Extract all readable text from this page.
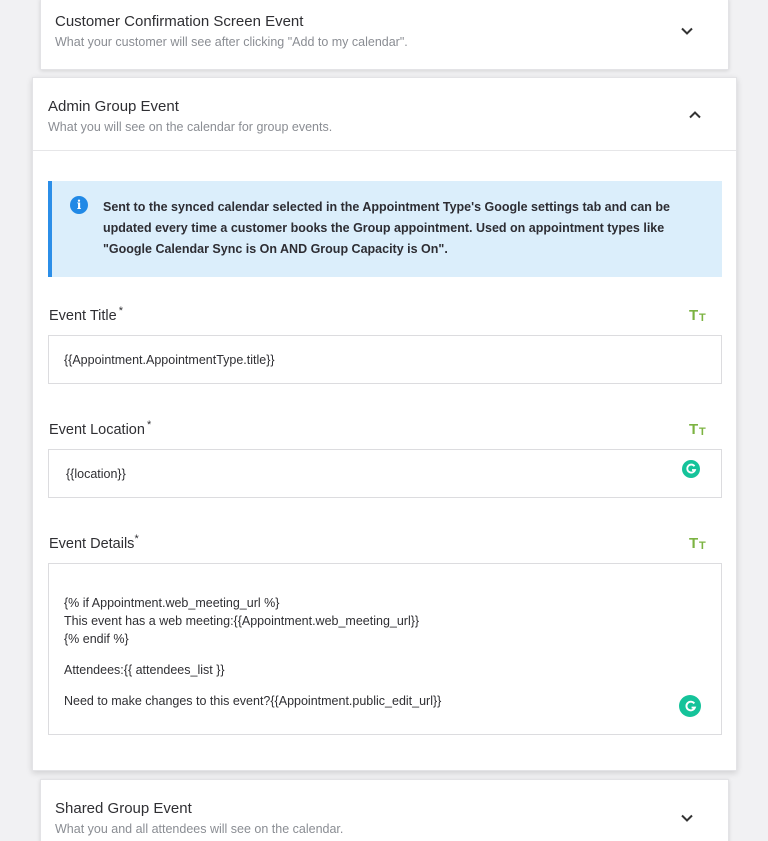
Customer Confirmation Screen Event
What your customer will see after clicking "Add to my calendar".
Admin Group Event
What you will see on the calendar for group events.
i	Sent to the synced calendar selected in the Appointment Type's Google settings tab and can be updated every time a customer books the Group appointment. Used on appointment types like "Google Calendar Sync is On AND Group Capacity is On".
Event Title *	T T
{{Appointment.AppointmentType.title}}
Event Location *	T T
{{location}}
Event Details*	T T
{% if Appointment.web_meeting_url %}
This event has a web meeting:{{Appointment.web_meeting_url}}
{% endif %}
Attendees:{{ attendees_list }}
Need to make changes to this event?{{Appointment.public_edit_url}}
Shared Group Event
What you and all attendees will see on the calendar.
